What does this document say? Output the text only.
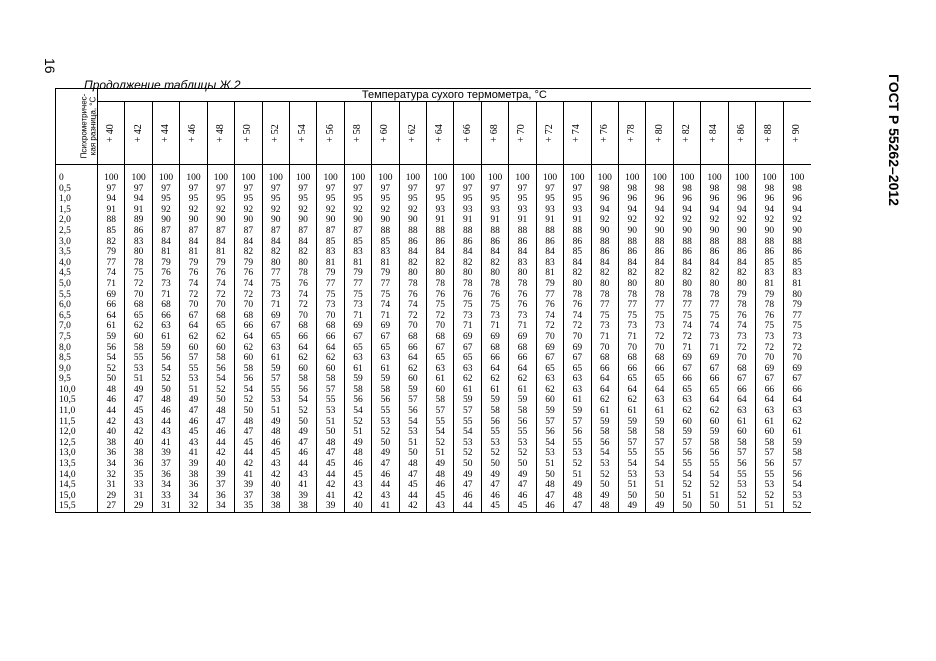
16
ГОСТ Р 55262–2012
Продолжение таблицы Ж.2
Психрометричес-
кая разница, °С	Температура сухого термометра, °С																									
	+ 40	+ 42	+ 44	+ 46	+ 48	+ 50	+ 52	+ 54	+ 56	+ 58	+ 60	+ 62	+ 64	+ 66	+ 68	+ 70	+ 72	+ 74	+ 76	+ 78	+ 80	+ 82	+ 84	+ 86	+ 88	+ 90

0	100	100	100	100	100	100	100	100	100	100	100	100	100	100	100	100	100	100	100	100	100	100	100	100	100	100
0,5	97	97	97	97	97	97	97	97	97	97	97	97	97	97	97	97	97	97	98	98	98	98	98	98	98	98
1,0	94	94	95	95	95	95	95	95	95	95	95	95	95	95	95	95	95	95	96	96	96	96	96	96	96	96
1,5	91	91	92	92	92	92	92	92	92	92	92	92	93	93	93	93	93	93	94	94	94	94	94	94	94	94
2,0	88	89	90	90	90	90	90	90	90	90	90	90	91	91	91	91	91	91	92	92	92	92	92	92	92	92
2,5	85	86	87	87	87	87	87	87	87	87	88	88	88	88	88	88	88	88	90	90	90	90	90	90	90	90
3,0	82	83	84	84	84	84	84	84	85	85	85	86	86	86	86	86	86	86	88	88	88	88	88	88	88	88
3,5	79	80	81	81	81	82	82	82	83	83	83	84	84	84	84	84	84	85	86	86	86	86	86	86	86	86
4,0	77	78	79	79	79	79	80	80	81	81	81	82	82	82	82	83	83	84	84	84	84	84	84	84	85	85
4,5	74	75	76	76	76	76	77	78	79	79	79	80	80	80	80	80	81	82	82	82	82	82	82	82	83	83
5,0	71	72	73	74	74	74	75	76	77	77	77	78	78	78	78	78	79	80	80	80	80	80	80	80	81	81
5,5	69	70	71	72	72	72	73	74	75	75	75	76	76	76	76	76	77	78	78	78	78	78	78	79	79	80
6,0	66	68	68	70	70	70	71	72	73	73	74	74	75	75	75	76	76	76	77	77	77	77	77	78	78	79
6,5	64	65	66	67	68	68	69	70	70	71	71	72	72	73	73	73	74	74	75	75	75	75	75	76	76	77
7,0	61	62	63	64	65	66	67	68	68	69	69	70	70	71	71	71	72	72	73	73	73	74	74	74	75	75
7,5	59	60	61	62	62	64	65	66	66	67	67	68	68	69	69	69	70	70	71	71	72	72	73	73	73	73
8,0	56	58	59	60	60	62	63	64	64	65	65	66	67	67	68	68	69	69	70	70	70	71	71	72	72	72
8,5	54	55	56	57	58	60	61	62	62	63	63	64	65	65	66	66	67	67	68	68	68	69	69	70	70	70
9,0	52	53	54	55	56	58	59	60	60	61	61	62	63	63	64	64	65	65	66	66	66	67	67	68	69	69
9,5	50	51	52	53	54	56	57	58	58	59	59	60	61	62	62	62	63	63	64	65	65	66	66	67	67	67
10,0	48	49	50	51	52	54	55	56	57	58	58	59	60	61	61	61	62	63	64	64	64	65	65	66	66	66
10,5	46	47	48	49	50	52	53	54	55	56	56	57	58	59	59	59	60	61	62	62	63	63	64	64	64	64
11,0	44	45	46	47	48	50	51	52	53	54	55	56	57	57	58	58	59	59	61	61	61	62	62	63	63	63
11,5	42	43	44	46	47	48	49	50	51	52	53	54	55	55	56	56	57	57	59	59	59	60	60	61	61	62
12,0	40	42	43	45	46	47	48	49	50	51	52	53	54	54	55	55	56	56	58	58	58	59	59	60	60	61
12,5	38	40	41	43	44	45	46	47	48	49	50	51	52	53	53	53	54	55	56	57	57	57	58	58	58	59
13,0	36	38	39	41	42	44	45	46	47	48	49	50	51	52	52	52	53	53	54	55	55	56	56	57	57	58
13,5	34	36	37	39	40	42	43	44	45	46	47	48	49	50	50	50	51	52	53	54	54	55	55	56	56	57
14,0	32	35	36	38	39	41	42	43	44	45	46	47	48	49	49	49	50	51	52	53	53	54	54	55	55	56
14,5	31	33	34	36	37	39	40	41	42	43	44	45	46	47	47	47	48	49	50	51	51	52	52	53	53	54
15,0	29	31	33	34	36	37	38	39	41	42	43	44	45	46	46	46	47	48	49	50	50	51	51	52	52	53
15,5	27	29	31	32	34	35	38	38	39	40	41	42	43	44	45	45	46	47	48	49	49	50	50	51	51	52
